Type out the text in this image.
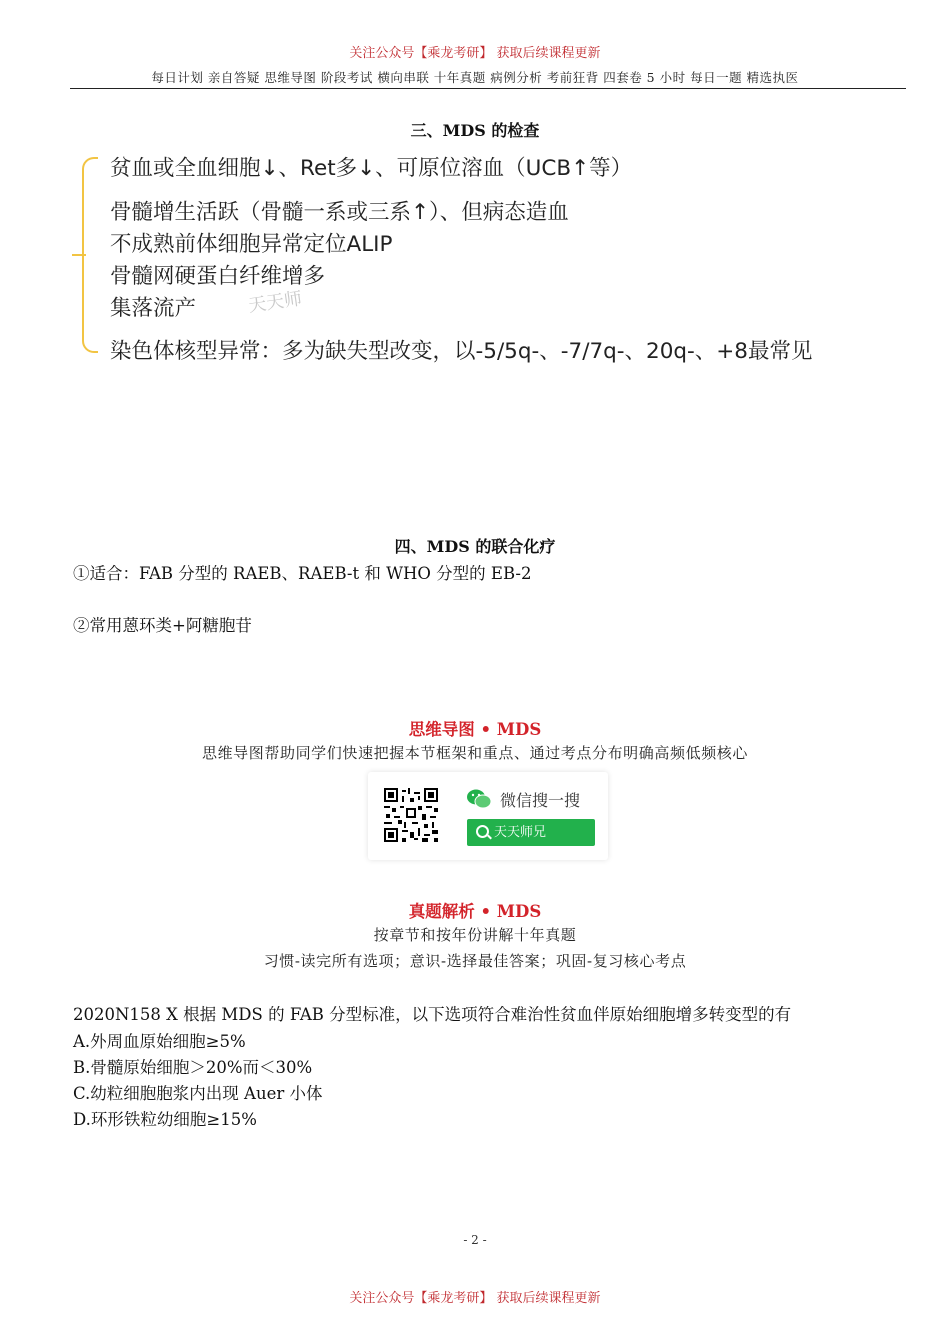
关注公众号【乘龙考研】 获取后续课程更新
每日计划 亲自答疑 思维导图 阶段考试 横向串联 十年真题 病例分析 考前狂背 四套卷 5 小时 每日一题 精选执医
三、MDS 的检查
贫血或全血细胞↓、Ret多↓、可原位溶血（UCB↑等）
骨髓增生活跃（骨髓一系或三系↑）、但病态造血
不成熟前体细胞异常定位ALIP
骨髓网硬蛋白纤维增多
集落流产
染色体核型异常：多为缺失型改变，以-5/5q-、-7/7q-、20q-、+8最常见
天天师
四、MDS 的联合化疗
①适合：FAB 分型的 RAEB、RAEB-t 和 WHO 分型的 EB-2
②常用蒽环类+阿糖胞苷
思维导图 • MDS
思维导图帮助同学们快速把握本节框架和重点、通过考点分布明确高频低频核心
微信搜一搜
天天师兄
真题解析 • MDS
按章节和按年份讲解十年真题
习惯-读完所有选项；意识-选择最佳答案；巩固-复习核心考点
2020N158 X 根据 MDS 的 FAB 分型标准，以下选项符合难治性贫血伴原始细胞增多转变型的有
A.外周血原始细胞≥5%
B.骨髓原始细胞＞20%而＜30%
C.幼粒细胞胞浆内出现 Auer 小体
D.环形铁粒幼细胞≥15%
- 2 -
关注公众号【乘龙考研】 获取后续课程更新
